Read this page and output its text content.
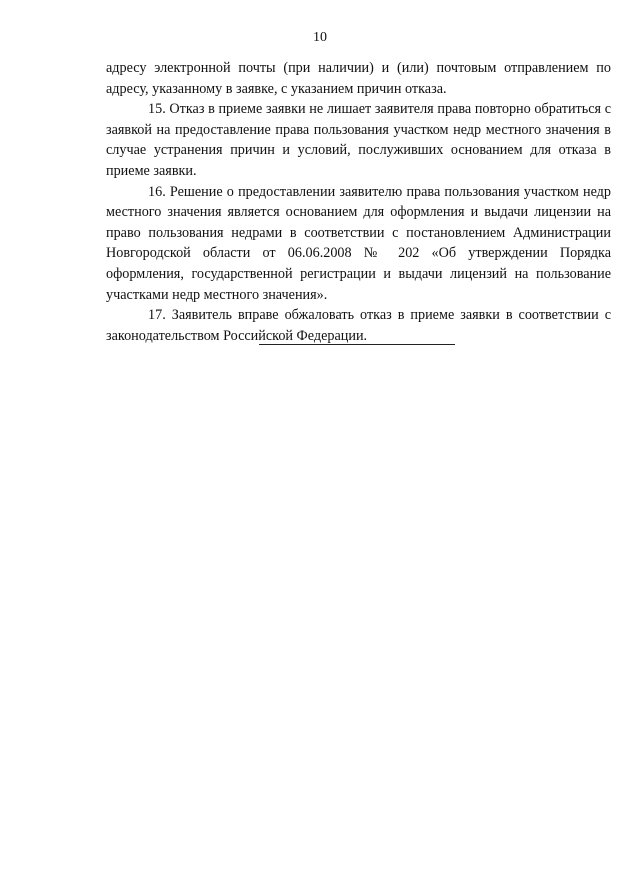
10

адресу электронной почты (при наличии) и (или) почтовым отправлением по адресу, указанному в заявке, с указанием причин отказа.

15. Отказ в приеме заявки не лишает заявителя права повторно обратиться с заявкой на предоставление права пользования участком недр местного значения в случае устранения причин и условий, послуживших основанием для отказа в приеме заявки.

16. Решение о предоставлении заявителю права пользования участком недр местного значения является основанием для оформления и выдачи лицензии на право пользования недрами в соответствии с постановлением Администрации Новгородской области от 06.06.2008 № 202 «Об утверждении Порядка оформления, государственной регистрации и выдачи лицензий на пользование участками недр местного значения».

17. Заявитель вправе обжаловать отказ в приеме заявки в соответствии с законодательством Российской Федерации.
